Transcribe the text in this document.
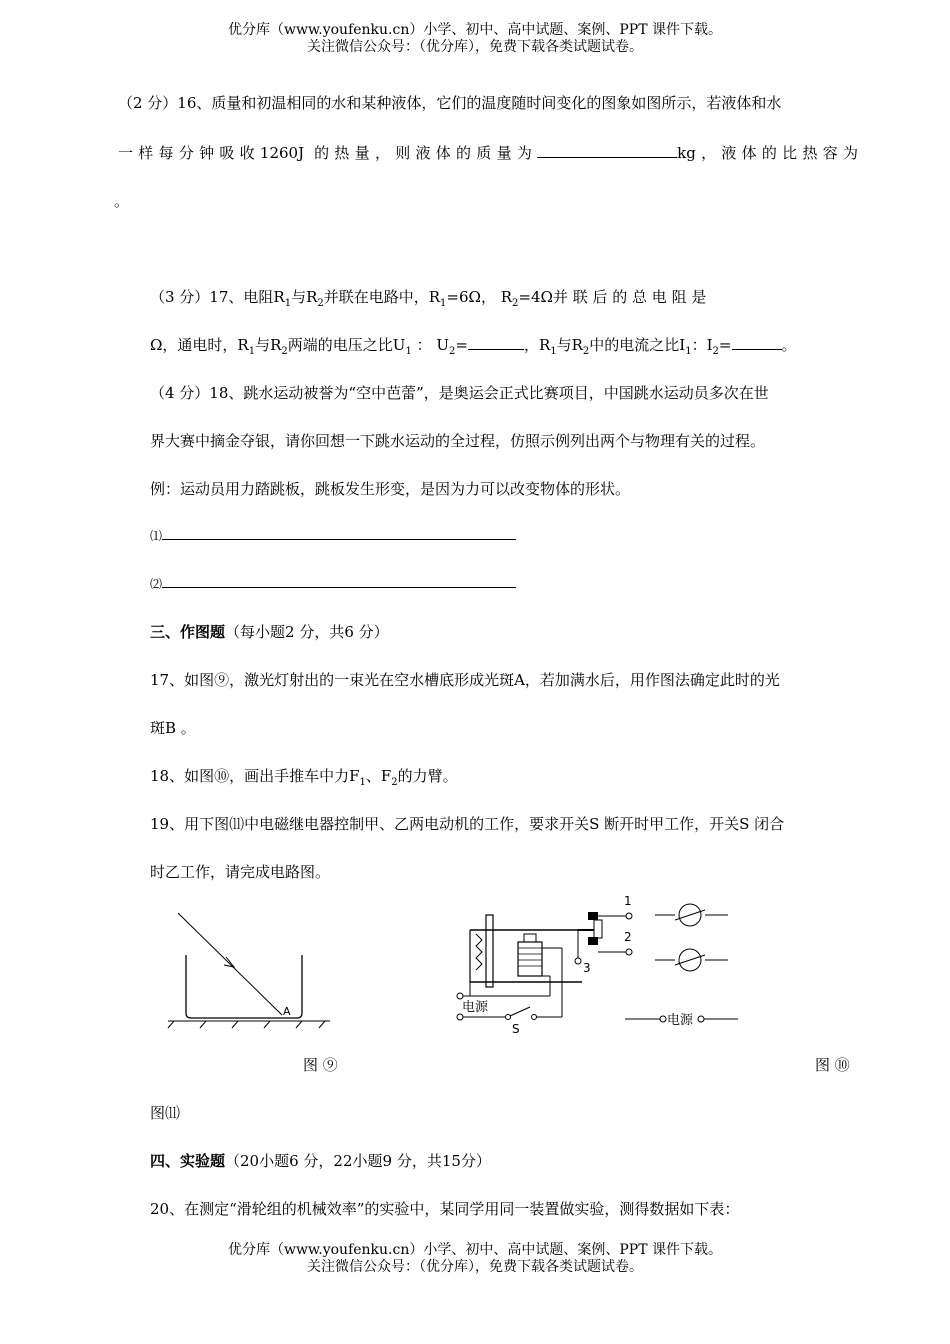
优分库（www.youfenku.cn）小学、初中、高中试题、案例、PPT 课件下载。
关注微信公众号：（优分库），免费下载各类试题试卷。
（2 分）16、质量和初温相同的水和某种液体，它们的温度随时间变化的图象如图所示，若液体和水
一样每分钟吸收1260J 的热量，则液体的质量为	kg，液体的比热容为
。
（3 分）17、电阻$R_1$与$R_2$并联在电路中，$R_1=6\Omega$， $R_2=4\Omega$并 联 后 的 总 电 阻 是
Ω，通电时，$R_1$与$R_2$两端的电压之比$U_1$ ： $U_2=$	，$R_1$与$R_2$中的电流之比$I_1$：$I_2=$	。
（4 分）18、跳水运动被誉为“空中芭蕾”，是奥运会正式比赛项目，中国跳水运动员多次在世
界大赛中摘金夺银，请你回想一下跳水运动的全过程，仿照示例列出两个与物理有关的过程。
例：运动员用力踏跳板，跳板发生形变，是因为力可以改变物体的形状。
⑴
⑵
三、作图题（每小题2 分，共6 分）
17、如图⑨，激光灯射出的一束光在空水槽底形成光斑A，若加满水后，用作图法确定此时的光
斑B 。
18、如图⑩，画出手推车中力$F_1$、$F_2$的力臂。
19、用下图⑾中电磁继电器控制甲、乙两电动机的工作，要求开关S 断开时甲工作，开关S 闭合
时乙工作，请完成电路图。
A
1
2
3
电源
S
电源
图 ⑨	图 ⑩
图⑾
四、实验题（20小题6 分，22小题9 分，共15分）
20、在测定“滑轮组的机械效率”的实验中，某同学用同一装置做实验，测得数据如下表：
优分库（www.youfenku.cn）小学、初中、高中试题、案例、PPT 课件下载。
关注微信公众号：（优分库），免费下载各类试题试卷。
